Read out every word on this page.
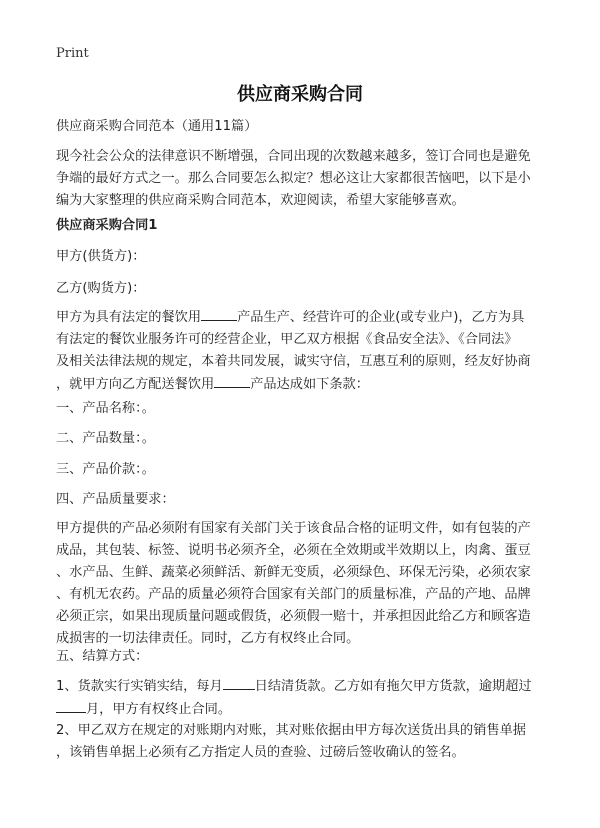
Print
供应商采购合同
供应商采购合同范本（通用11篇）
现今社会公众的法律意识不断增强，合同出现的次数越来越多，签订合同也是避免
争端的最好方式之一。那么合同要怎么拟定？想必这让大家都很苦恼吧，以下是小
编为大家整理的供应商采购合同范本，欢迎阅读，希望大家能够喜欢。
供应商采购合同1
甲方(供货方)：
乙方(购货方)：
甲方为具有法定的餐饮用	产品生产、经营许可的企业(或专业户)，乙方为具
有法定的餐饮业服务许可的经营企业，甲乙双方根据《食品安全法》、《合同法》
及相关法律法规的规定，本着共同发展，诚实守信，互惠互利的原则，经友好协商
，就甲方向乙方配送餐饮用	产品达成如下条款：
一、产品名称：。
二、产品数量：。
三、产品价款：。
四、产品质量要求：
甲方提供的产品必须附有国家有关部门关于该食品合格的证明文件，如有包装的产
成品，其包装、标签、说明书必须齐全，必须在全效期或半效期以上，肉禽、蛋豆
、水产品、生鲜、蔬菜必须鲜活、新鲜无变质，必须绿色、环保无污染，必须农家
、有机无农药。产品的质量必须符合国家有关部门的质量标准，产品的产地、品牌
必须正宗，如果出现质量问题或假货，必须假一赔十，并承担因此给乙方和顾客造
成损害的一切法律责任。同时，乙方有权终止合同。
五、结算方式：
1、货款实行实销实结，每月 日结清货款。乙方如有拖欠甲方货款，逾期超过
月，甲方有权终止合同。
2、甲乙双方在规定的对账期内对账，其对账依据由甲方每次送货出具的销售单据
，该销售单据上必须有乙方指定人员的查验、过磅后签收确认的签名。
